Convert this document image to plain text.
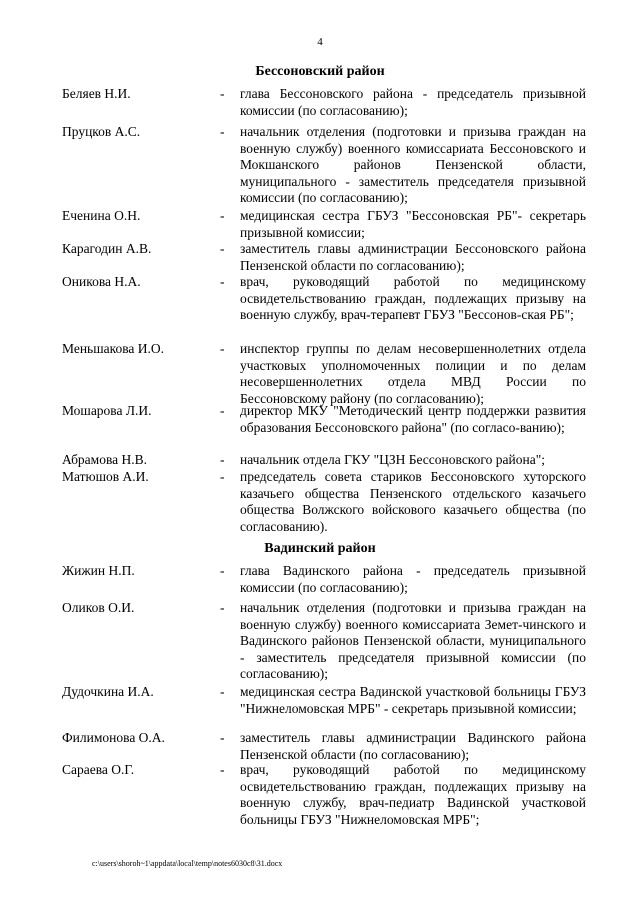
4
Бессоновский район
Беляев Н.И.	- глава Бессоновского района - председатель призывной комиссии (по согласованию);
Пруцков А.С.	- начальник отделения (подготовки и призыва граждан на военную службу) военного комиссариата Бессоновского и Мокшанского районов Пензенской области, муниципального - заместитель председателя призывной комиссии (по согласованию);
Еченина О.Н.	- медицинская сестра ГБУЗ "Бессоновская РБ"- секретарь призывной комиссии;
Карагодин А.В.	- заместитель главы администрации Бессоновского района Пензенской области по согласованию);
Оникова Н.А.	- врач, руководящий работой по медицинскому освидетельствованию граждан, подлежащих призыву на военную службу, врач-терапевт ГБУЗ "Бессонов-ская РБ";
Меньшакова И.О.	- инспектор группы по делам несовершеннолетних отдела участковых уполномоченных полиции и по делам несовершеннолетних отдела МВД России по Бессоновскому району (по согласованию);
Мошарова Л.И.	- директор МКУ "Методический центр поддержки развития образования Бессоновского района" (по согласо-ванию);
Абрамова Н.В.	- начальник отдела ГКУ "ЦЗН Бессоновского района";
Матюшов А.И.	- председатель совета стариков Бессоновского хуторского казачьего общества Пензенского отдельского казачьего общества Волжского войскового казачьего общества (по согласованию).
Вадинский район
Жижин Н.П.	- глава Вадинского района - председатель призывной комиссии (по согласованию);
Оликов О.И.	- начальник отделения (подготовки и призыва граждан на военную службу) военного комиссариата Земет-чинского и Вадинского районов Пензенской области, муниципального - заместитель председателя призывной комиссии (по согласованию);
Дудочкина И.А.	- медицинская сестра Вадинской участковой больницы ГБУЗ "Нижнеломовская МРБ" - секретарь призывной комиссии;
Филимонова О.А.	- заместитель главы администрации Вадинского района Пензенской области (по согласованию);
Сараева О.Г.	- врач, руководящий работой по медицинскому освидетельствованию граждан, подлежащих призыву на военную службу, врач-педиатр Вадинской участковой больницы ГБУЗ "Нижнеломовская МРБ";
c:\users\shoroh~1\appdata\local\temp\notes6030c8\31.docx
